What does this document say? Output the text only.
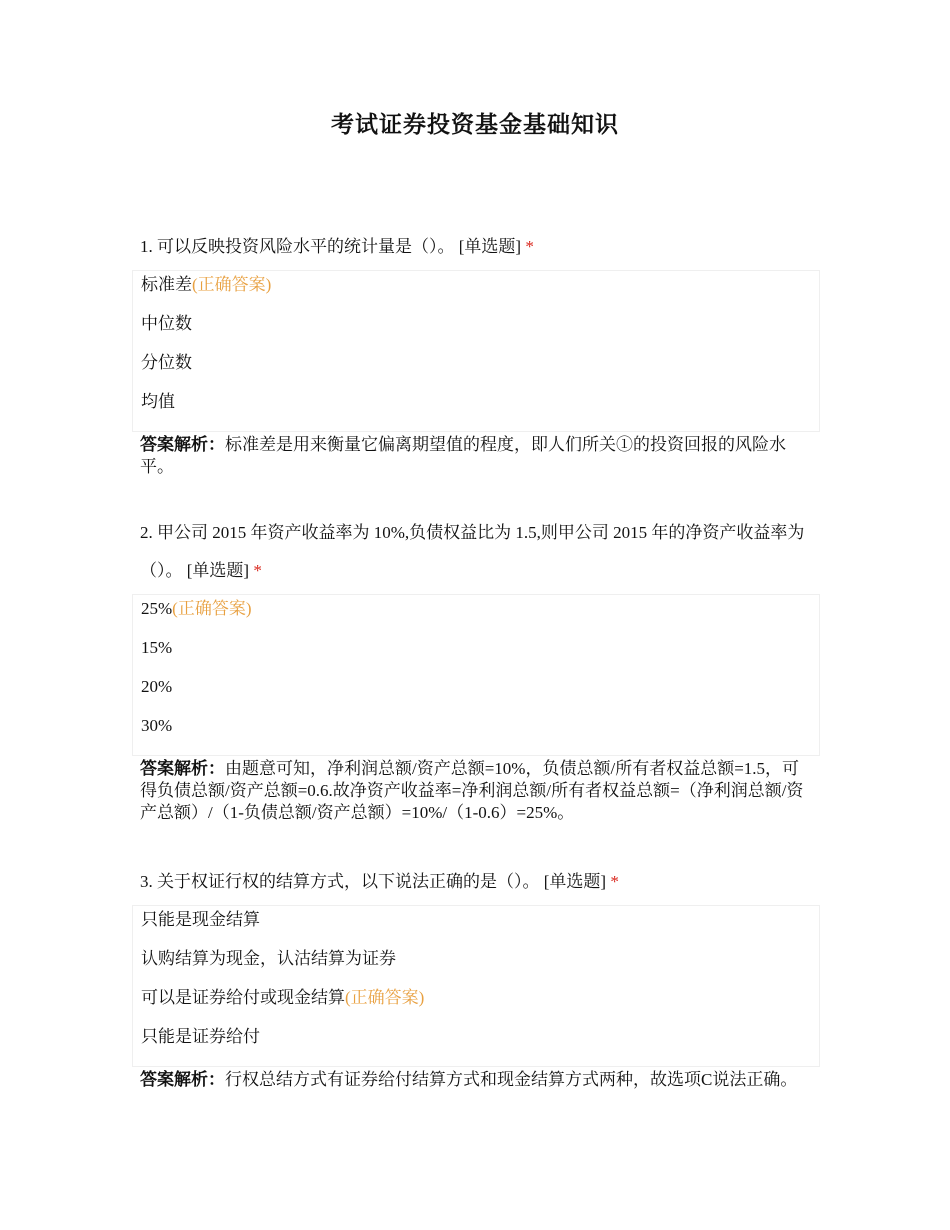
考试证券投资基金基础知识

1. 可以反映投资风险水平的统计量是（）。 [单选题] *

标准差(正确答案)
中位数
分位数
均值

答案解析：标准差是用来衡量它偏离期望值的程度，即人们所关①的投资回报的风险水平。

2. 甲公司 2015 年资产收益率为 10%,负债权益比为 1.5,则甲公司 2015 年的净资产收益率为（）。 [单选题] *

25%(正确答案)
15%
20%
30%

答案解析：由题意可知，净利润总额/资产总额=10%，负债总额/所有者权益总额=1.5，可得负债总额/资产总额=0.6.故净资产收益率=净利润总额/所有者权益总额=（净利润总额/资产总额）/（1-负债总额/资产总额）=10%/（1-0.6）=25%。

3. 关于权证行权的结算方式，以下说法正确的是（）。 [单选题] *

只能是现金结算
认购结算为现金，认沽结算为证券
可以是证券给付或现金结算(正确答案)
只能是证券给付

答案解析：行权总结方式有证券给付结算方式和现金结算方式两种，故选项C说法正确。
